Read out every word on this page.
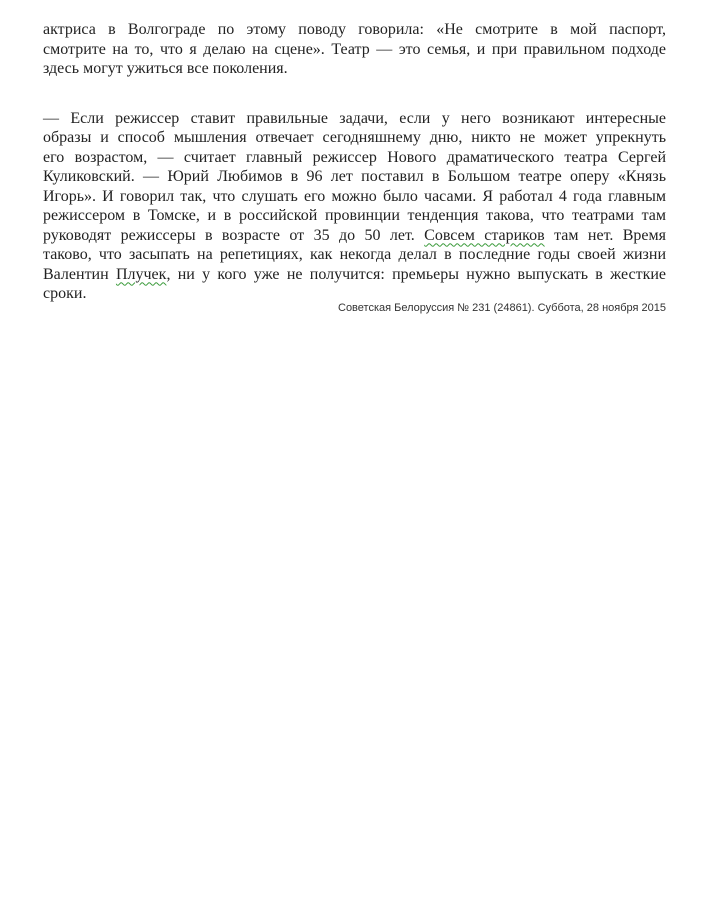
актриса в Волгограде по этому поводу говорила: «Не смотрите в мой паспорт,
смотрите на то, что я делаю на сцене». Театр — это семья, и при правильном подходе
здесь могут ужиться все поколения.
— Если режиссер ставит правильные задачи, если у него возникают интересные
образы и способ мышления отвечает сегодняшнему дню, никто не может упрекнуть
его возрастом, — считает главный режиссер Нового драматического театра Сергей
Куликовский. — Юрий Любимов в 96 лет поставил в Большом театре оперу «Князь
Игорь». И говорил так, что слушать его можно было часами. Я работал 4 года главным
режиссером в Томске, и в российской провинции тенденция такова, что театрами там
руководят режиссеры в возрасте от 35 до 50 лет. Совсем стариков там нет. Время
таково, что засыпать на репетициях, как некогда делал в последние годы своей жизни
Валентин Плучек, ни у кого уже не получится: премьеры нужно выпускать в жесткие
сроки.
Советская Белоруссия № 231 (24861). Суббота, 28 ноября 2015
